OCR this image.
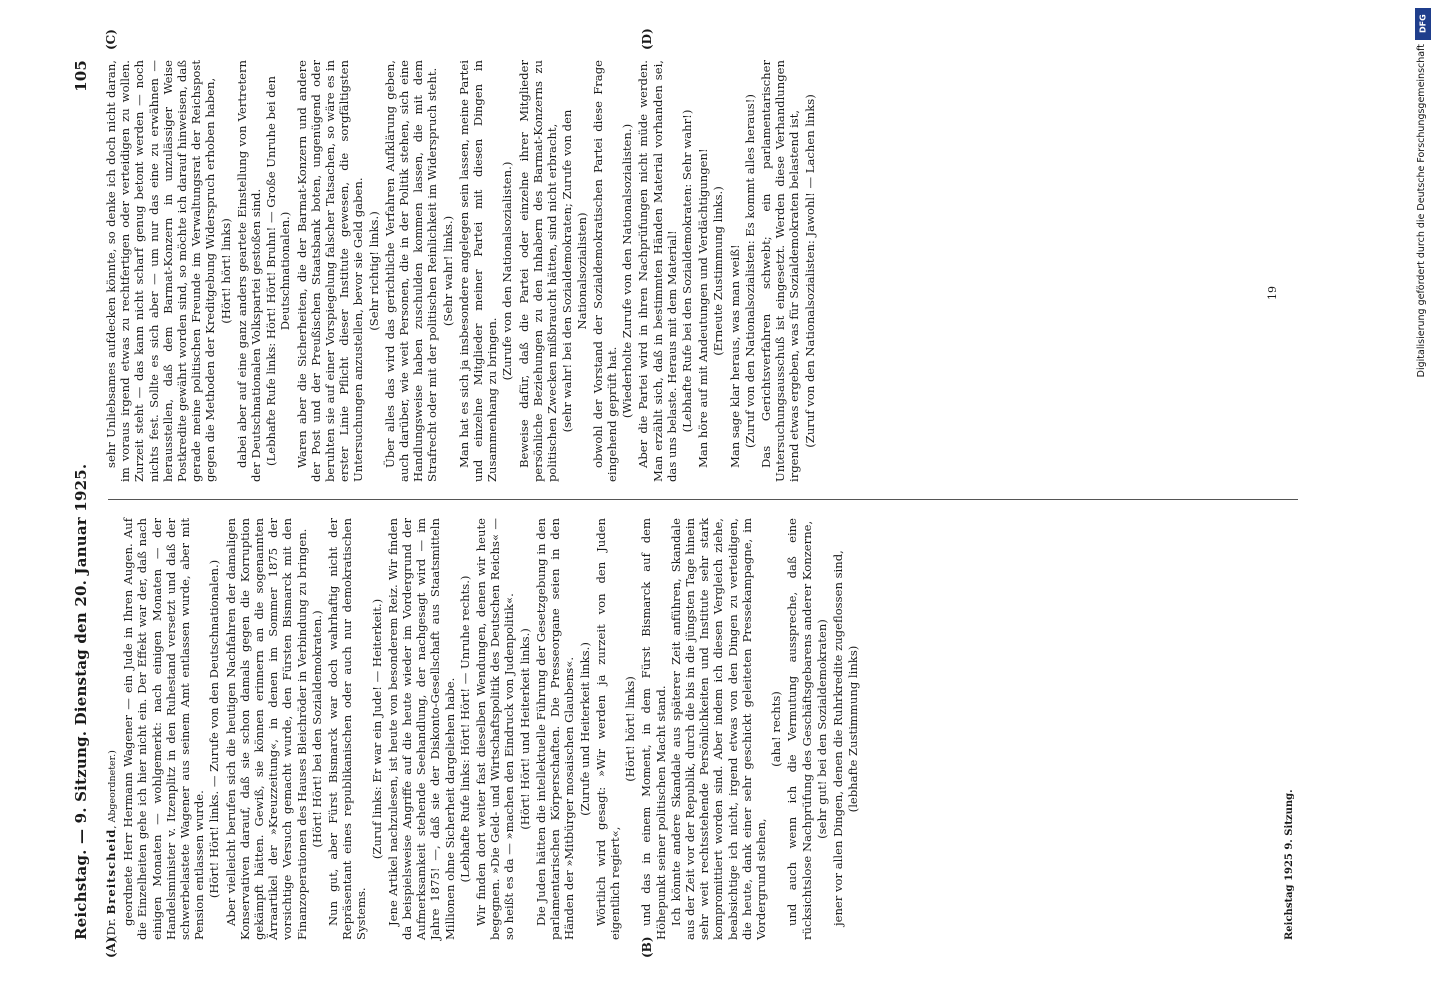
Reichstag. — 9. Sitzung. Dienstag den 20. Januar 1925.
105
(A)	(B)
(C)	(D)

(Dr. Breitscheid, Abgeordneter.) geordnete Herr Hermann Wagener — ein Jude in Ihren Augen. Auf die Einzelheiten gehe ich hier nicht ein. Der Effekt war der, daß nach einigen Monaten — wohlgemerkt: nach einigen Monaten — der Handelsminister v. Itzenplitz in den Ruhestand versetzt und daß der schwerbelastete Wagener aus seinem Amt entlassen wurde, aber mit Pension entlassen wurde. (Hört! Hört! links. — Zurufe von den Deutschnationalen.) Aber vielleicht berufen sich die heutigen Nachfahren der damaligen Konservativen darauf, daß sie schon damals gegen die Korruption gekämpft hätten. Gewiß, sie können erinnern an die sogenannten Ärraartikel der »Kreuzzeitung«, in denen im Sommer 1875 der vorsichtige Versuch gemacht wurde, den Fürsten Bismarck mit den Finanzoperationen des Hauses Bleichröder in Verbindung zu bringen. (Hört! Hört! bei den Sozialdemokraten.) Nun gut, aber Fürst Bismarck war doch wahrhaftig nicht der Repräsentant eines republikanischen oder auch nur demokratischen Systems.

(Zuruf links: Er war ein Jude! — Heiterkeit.) Jene Artikel nachzulesen, ist heute von besonderem Reiz. Wir finden da beispielsweise Angriffe auf die heute wieder im Vordergrund der Aufmerksamkeit stehende Seehandlung, der nachgesagt wird — im Jahre 1875! —, daß sie der Diskonto-Gesellschaft aus Staatsmitteln Millionen ohne Sicherheit dargeliehen habe. (Lebhafte Rufe links: Hört! Hört! — Unruhe rechts.) Wir finden dort weiter fast dieselben Wendungen, denen wir heute begegnen. »Die Geld- und Wirtschaftspolitik des Deutschen Reichs« — so heißt es da — »machen den Eindruck von Judenpolitik«. (Hört! Hört! und Heiterkeit links.) Die Juden hätten die intellektuelle Führung der Gesetzgebung in den parlamentarischen Körperschaften. Die Presseorgane seien in den Händen der »Mitbürger mosaischen Glaubens«. (Zurufe und Heiterkeit links.) Wörtlich wird gesagt: »Wir werden ja zurzeit von den Juden eigentlich regiert«,

(Hört! hört! links) und das in einem Moment, in dem Fürst Bismarck auf dem Höhepunkt seiner politischen Macht stand. Ich könnte andere Skandale aus späterer Zeit anführen, Skandale aus der Zeit vor der Republik, durch die bis in die jüngsten Tage hinein sehr weit rechtsstehende Persönlichkeiten und Institute sehr stark kompromittiert worden sind. Aber indem ich diesen Vergleich ziehe, beabsichtige ich nicht, irgend etwas von den Dingen zu verteidigen, die heute, dank einer sehr geschickt geleiteten Pressekampagne, im Vordergrund stehen,

(aha! rechts) und auch wenn ich die Vermutung ausspreche, daß eine rücksichtslose Nachprüfung des Geschäftsgebarens anderer Konzerne, (sehr gut! bei den Sozialdemokraten) jener vor allen Dingen, denen die Ruhrkredite zugeflossen sind, (lebhafte Zustimmung links)

sehr Unliebsames aufdecken könnte, so denke ich doch nicht daran, im voraus irgend etwas zu rechtfertigen oder verteidigen zu wollen. Zurzeit steht — das kann nicht scharf genug betont werden — noch nichts fest. Sollte es sich aber — um nur das eine zu erwähnen — herausstellen, daß dem Barmat-Konzern in unzulässiger Weise Postkredite gewährt worden sind, so möchte ich darauf hinweisen, daß gerade meine politischen Freunde im Verwaltungsrat der Reichspost gegen die Methoden der Kreditgebung Widerspruch erhoben haben, (Hört! hört! links) dabei aber auf eine ganz anders geartete Einstellung von Vertretern der Deutschnationalen Volkspartei gestoßen sind. (Lebhafte Rufe links: Hört! Hört! Bruhn! — Große Unruhe bei den Deutschnationalen.) Waren aber die Sicherheiten, die der Barmat-Konzern und andere der Post und der Preußischen Staatsbank boten, ungenügend oder beruhten sie auf einer Vorspiegelung falscher Tatsachen, so wäre es in erster Linie Pflicht dieser Institute gewesen, die sorgfältigsten Untersuchungen anzustellen, bevor sie Geld gaben. (Sehr richtig! links.) Über alles das wird das gerichtliche Verfahren Aufklärung geben, auch darüber, wie weit Personen, die in der Politik stehen, sich eine Handlungsweise haben zuschulden kommen lassen, die mit dem Strafrecht oder mit der politischen Reinlichkeit im Widerspruch steht. (Sehr wahr! links.) Man hat es sich ja insbesondere angelegen sein lassen, meine Partei und einzelne Mitglieder meiner Partei mit diesen Dingen in Zusammenhang zu bringen.

(Zurufe von den Nationalsozialisten.) Beweise dafür, daß die Partei oder einzelne ihrer Mitglieder persönliche Beziehungen zu den Inhabern des Barmat-Konzerns zu politischen Zwecken mißbraucht hätten, sind nicht erbracht, (sehr wahr! bei den Sozialdemokraten; Zurufe von den Nationalsozialisten) obwohl der Vorstand der Sozialdemokratischen Partei diese Frage eingehend geprüft hat. (Wiederholte Zurufe von den Nationalsozialisten.) Aber die Partei wird in ihren Nachprüfungen nicht müde werden. Man erzählt sich, daß in bestimmten Händen Material vorhanden sei, das uns belaste. Heraus mit dem Material! (Lebhafte Rufe bei den Sozialdemokraten: Sehr wahr!) Man höre auf mit Andeutungen und Verdächtigungen! (Erneute Zustimmung links.) Man sage klar heraus, was man weiß! (Zuruf von den Nationalsozialisten: Es kommt alles heraus!) Das Gerichtsverfahren schwebt; ein parlamentarischer Untersuchungsausschuß ist eingesetzt. Werden diese Verhandlungen irgend etwas ergeben, was für Sozialdemokraten belastend ist, (Zuruf von den Nationalsozialisten: Jawohl! — Lachen links)

Reichstag 1925 9. Sitzung.
19
DFG
Digitalisierung gefördert durch die Deutsche Forschungsgemeinschaft
